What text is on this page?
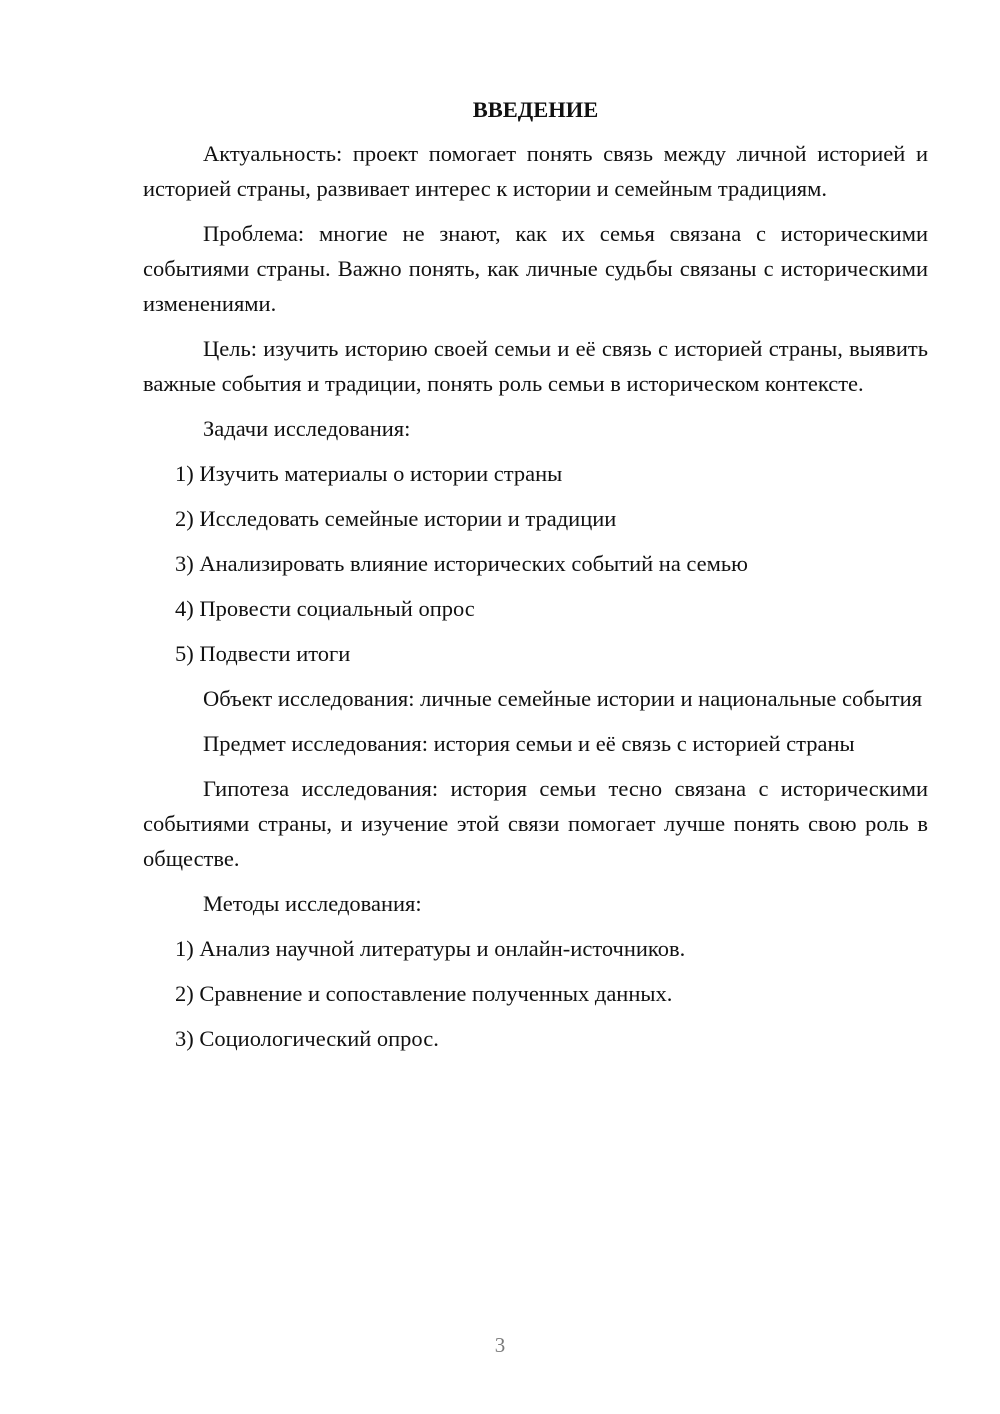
ВВЕДЕНИЕ

Актуальность: проект помогает понять связь между личной историей и историей страны, развивает интерес к истории и семейным традициям.

Проблема: многие не знают, как их семья связана с историческими событиями страны. Важно понять, как личные судьбы связаны с историческими изменениями.

Цель: изучить историю своей семьи и её связь с историей страны, выявить важные события и традиции, понять роль семьи в историческом контексте.

Задачи исследования:

1) Изучить материалы о истории страны
2) Исследовать семейные истории и традиции
3) Анализировать влияние исторических событий на семью
4) Провести социальный опрос
5) Подвести итоги

Объект исследования: личные семейные истории и национальные события

Предмет исследования: история семьи и её связь с историей страны

Гипотеза исследования: история семьи тесно связана с историческими событиями страны, и изучение этой связи помогает лучше понять свою роль в обществе.

Методы исследования:

1) Анализ научной литературы и онлайн-источников.
2) Сравнение и сопоставление полученных данных.
3) Социологический опрос.
3
